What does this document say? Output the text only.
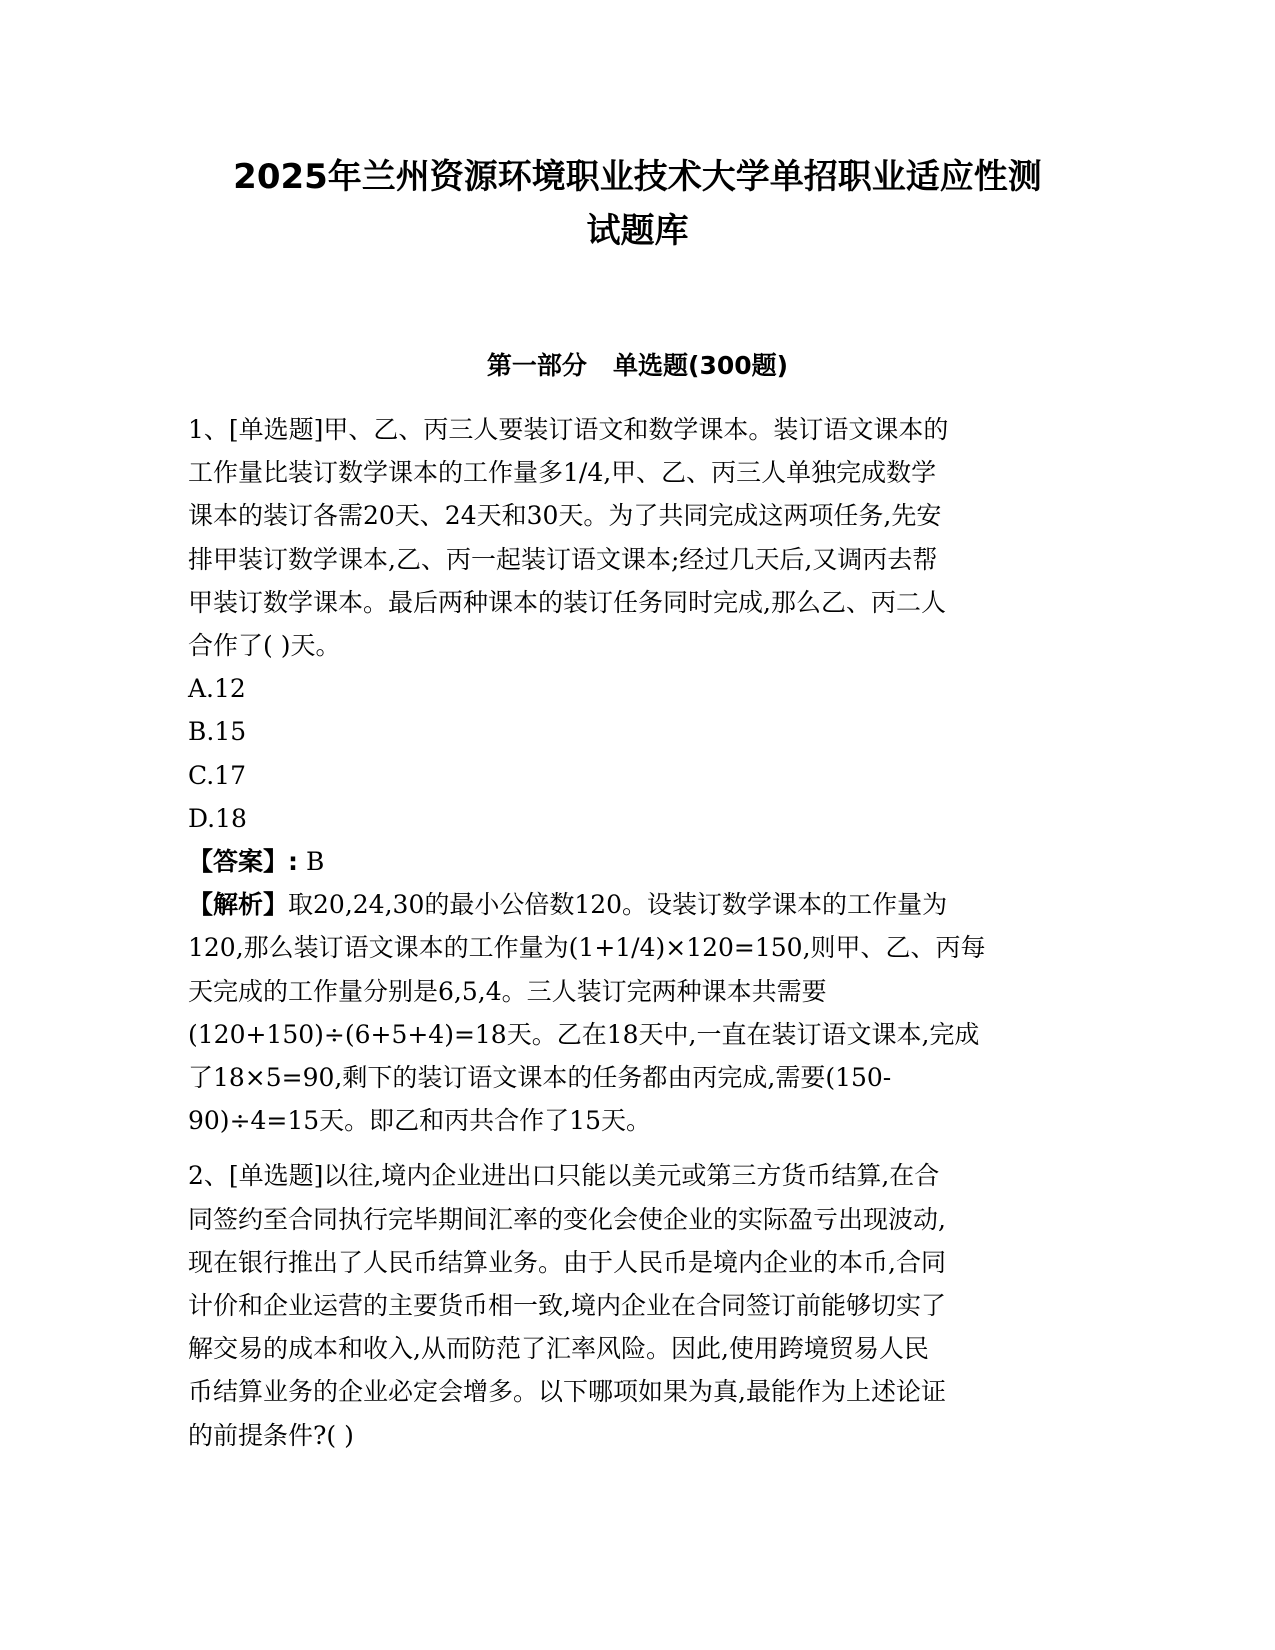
2025年兰州资源环境职业技术大学单招职业适应性测
试题库
第一部分   单选题(300题)
1、[单选题]甲、乙、丙三人要装订语文和数学课本。装订语文课本的
工作量比装订数学课本的工作量多1/4,甲、乙、丙三人单独完成数学
课本的装订各需20天、24天和30天。为了共同完成这两项任务,先安
排甲装订数学课本,乙、丙一起装订语文课本;经过几天后,又调丙去帮
甲装订数学课本。最后两种课本的装订任务同时完成,那么乙、丙二人
合作了( )天。
A.12
B.15
C.17
D.18
【答案】: B
【解析】取20,24,30的最小公倍数120。设装订数学课本的工作量为
120,那么装订语文课本的工作量为(1+1/4)×120=150,则甲、乙、丙每
天完成的工作量分别是6,5,4。三人装订完两种课本共需要
(120+150)÷(6+5+4)=18天。乙在18天中,一直在装订语文课本,完成
了18×5=90,剩下的装订语文课本的任务都由丙完成,需要(150-
90)÷4=15天。即乙和丙共合作了15天。
2、[单选题]以往,境内企业进出口只能以美元或第三方货币结算,在合
同签约至合同执行完毕期间汇率的变化会使企业的实际盈亏出现波动,
现在银行推出了人民币结算业务。由于人民币是境内企业的本币,合同
计价和企业运营的主要货币相一致,境内企业在合同签订前能够切实了
解交易的成本和收入,从而防范了汇率风险。因此,使用跨境贸易人民
币结算业务的企业必定会增多。以下哪项如果为真,最能作为上述论证
的前提条件?( )
